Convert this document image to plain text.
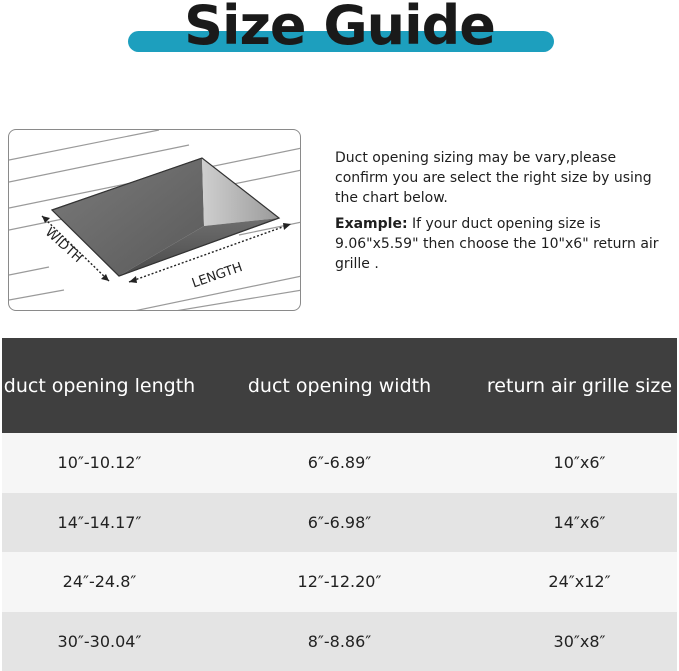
Size Guide
WIDTH
LENGTH

Duct opening sizing may be vary,please confirm you are select the right size by using the chart below.

Example: If your duct opening size is 9.06"x5.59" then choose the 10"x6" return air grille .

duct opening length	duct opening width	return air grille size
10″-10.12″	6″-6.89″	10″x6″
14″-14.17″	6″-6.98″	14″x6″
24″-24.8″	12″-12.20″	24″x12″
30″-30.04″	8″-8.86″	30″x8″
